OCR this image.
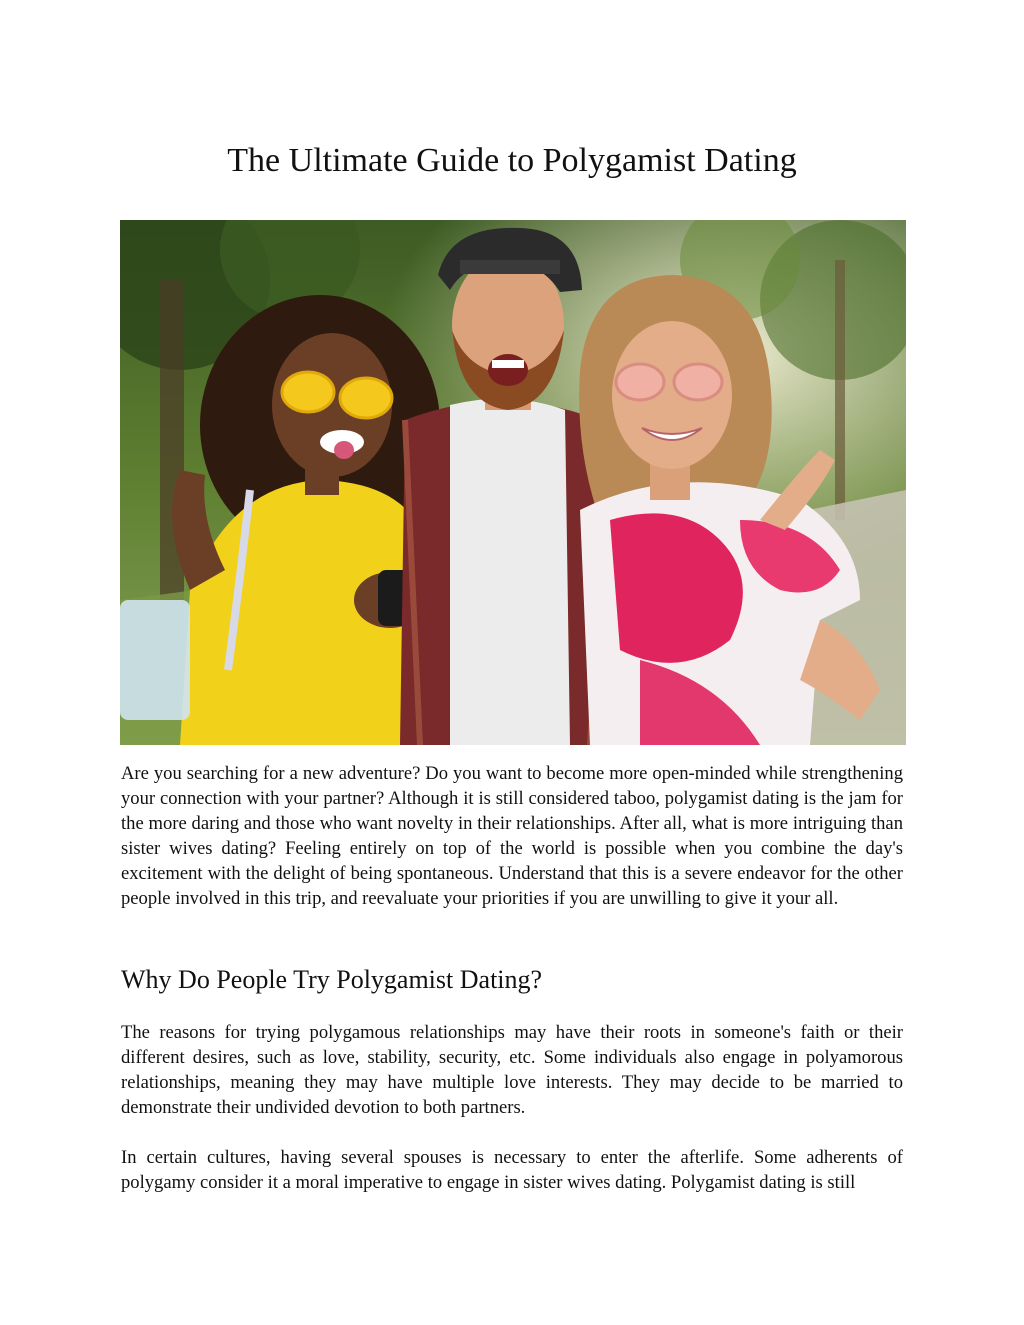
The Ultimate Guide to Polygamist Dating

Are you searching for a new adventure? Do you want to become more open-minded while strengthening your connection with your partner? Although it is still considered taboo, polygamist dating is the jam for the more daring and those who want novelty in their relationships. After all, what is more intriguing than sister wives dating? Feeling entirely on top of the world is possible when you combine the day's excitement with the delight of being spontaneous. Understand that this is a severe endeavor for the other people involved in this trip, and reevaluate your priorities if you are unwilling to give it your all.

Why Do People Try Polygamist Dating?

The reasons for trying polygamous relationships may have their roots in someone's faith or their different desires, such as love, stability, security, etc. Some individuals also engage in polyamorous relationships, meaning they may have multiple love interests. They may decide to be married to demonstrate their undivided devotion to both partners.

In certain cultures, having several spouses is necessary to enter the afterlife. Some adherents of polygamy consider it a moral imperative to engage in sister wives dating. Polygamist dating is still
